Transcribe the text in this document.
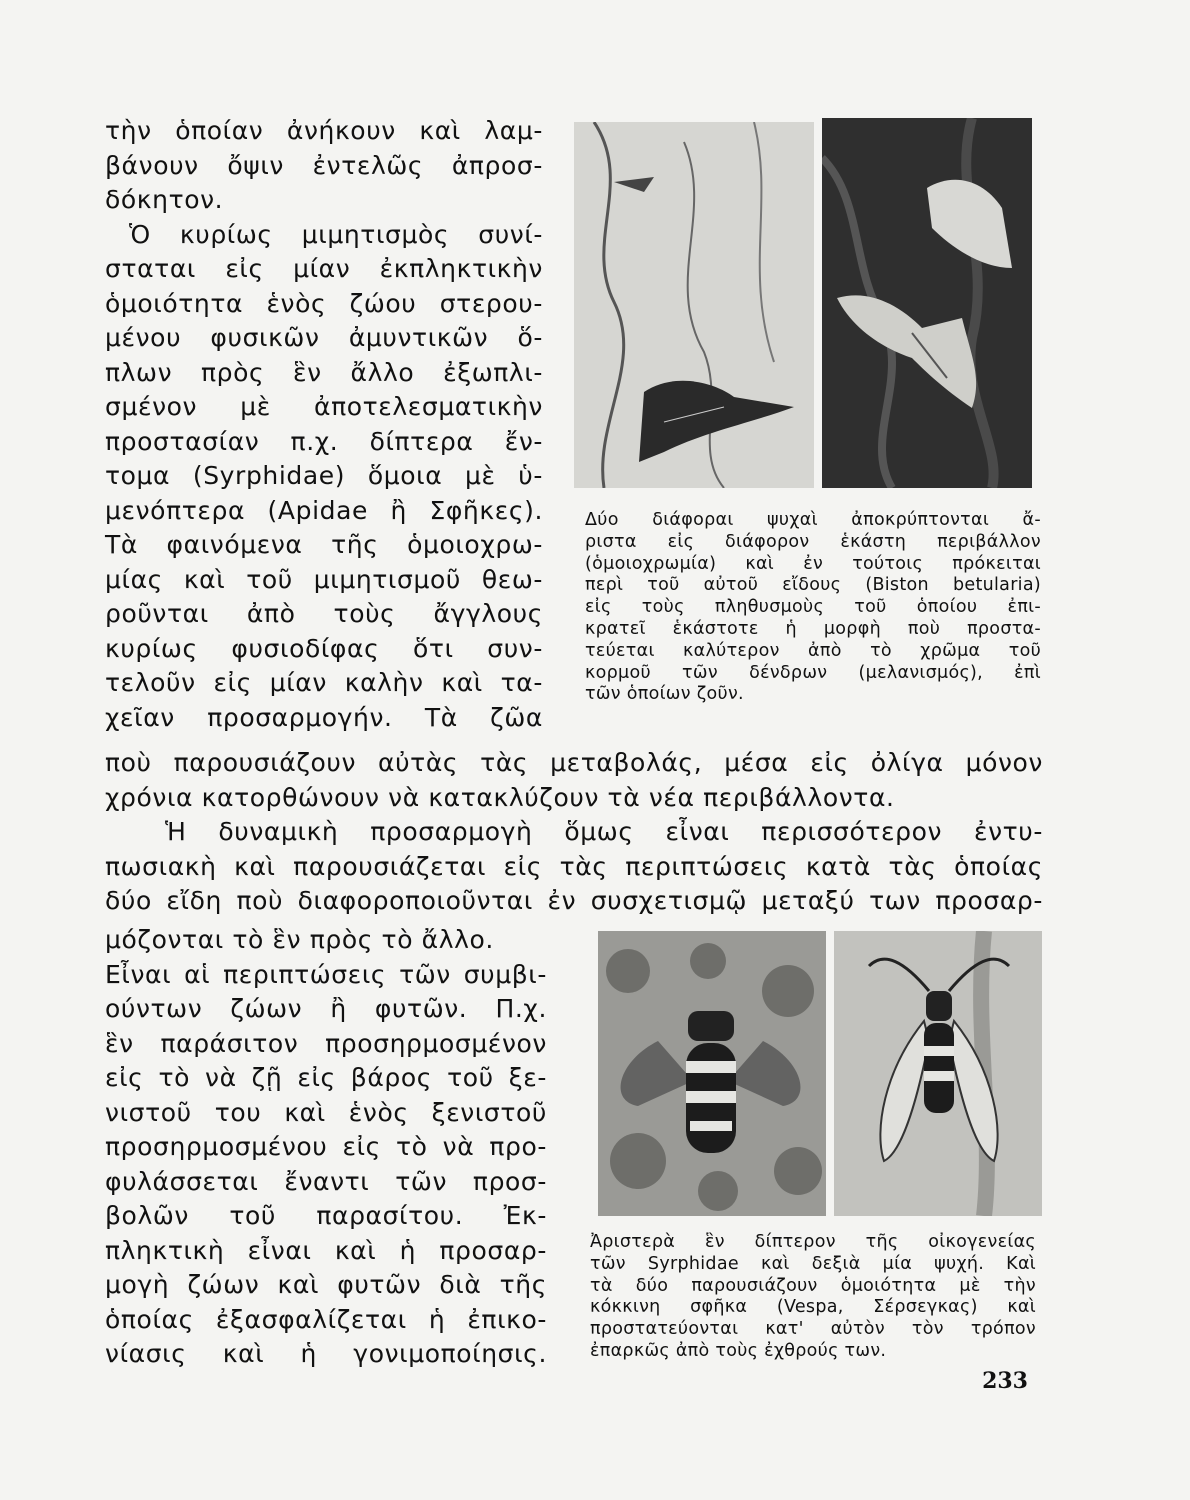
τὴν ὁποίαν ἀνήκουν καὶ λαμ-
βάνουν ὄψιν ἐντελῶς ἀπροσ-
δόκητον.
Ὁ κυρίως μιμητισμὸς συνί-
σταται εἰς μίαν ἐκπληκτικὴν
ὁμοιότητα ἑνὸς ζώου στερου-
μένου φυσικῶν ἀμυντικῶν ὅ-
πλων πρὸς ἓν ἄλλο ἐξωπλι-
σμένον μὲ ἀποτελεσματικὴν
προστασίαν π.χ. δίπτερα ἔν-
τομα (Syrphidae) ὅμοια μὲ ὑ-
μενόπτερα (Apidae ἢ Σφῆκες).
Τὰ φαινόμενα τῆς ὁμοιοχρω-
μίας καὶ τοῦ μιμητισμοῦ θεω-
ροῦνται ἀπὸ τοὺς ἄγγλους
κυρίως φυσιοδίφας ὅτι συν-
τελοῦν εἰς μίαν καλὴν καὶ τα-
χεῖαν προσαρμογήν. Τὰ ζῶα
Δύο διάφοραι ψυχαὶ ἀποκρύπτονται ἄ-
ριστα εἰς διάφορον ἑκάστη περιβάλλον
(ὁμοιοχρωμία) καὶ ἐν τούτοις πρόκειται
περὶ τοῦ αὐτοῦ εἴδους (Biston betularia)
εἰς τοὺς πληθυσμοὺς τοῦ ὁποίου ἐπι-
κρατεῖ ἑκάστοτε ἡ μορφὴ ποὺ προστα-
τεύεται καλύτερον ἀπὸ τὸ χρῶμα τοῦ
κορμοῦ τῶν δένδρων (μελανισμός), ἐπὶ
τῶν ὁποίων ζοῦν.
ποὺ παρουσιάζουν αὐτὰς τὰς μεταβολάς, μέσα εἰς ὀλίγα μόνον
χρόνια κατορθώνουν νὰ κατακλύζουν τὰ νέα περιβάλλοντα.
Ἡ δυναμικὴ προσαρμογὴ ὅμως εἶναι περισσότερον ἐντυ-
πωσιακὴ καὶ παρουσιάζεται εἰς τὰς περιπτώσεις κατὰ τὰς ὁποίας
δύο εἴδη ποὺ διαφοροποιοῦνται ἐν συσχετισμῷ μεταξύ των προσαρ-
μόζονται τὸ ἓν πρὸς τὸ ἄλλο.
Εἶναι αἱ περιπτώσεις τῶν συμβι-
ούντων ζώων ἢ φυτῶν. Π.χ.
ἓν παράσιτον προσηρμοσμένον
εἰς τὸ νὰ ζῇ εἰς βάρος τοῦ ξε-
νιστοῦ του καὶ ἑνὸς ξενιστοῦ
προσηρμοσμένου εἰς τὸ νὰ προ-
φυλάσσεται ἔναντι τῶν προσ-
βολῶν τοῦ παρασίτου. Ἐκ-
πληκτικὴ εἶναι καὶ ἡ προσαρ-
μογὴ ζώων καὶ φυτῶν διὰ τῆς
ὁποίας ἐξασφαλίζεται ἡ ἐπικο-
νίασις καὶ ἡ γονιμοποίησις.
Ἀριστερὰ ἓν δίπτερον τῆς οἰκογενείας
τῶν Syrphidae καὶ δεξιὰ μία ψυχή. Καὶ
τὰ δύο παρουσιάζουν ὁμοιότητα μὲ τὴν
κόκκινη σφῆκα (Vespa, Σέρσεγκας) καὶ
προστατεύονται κατ' αὐτὸν τὸν τρόπον
ἐπαρκῶς ἀπὸ τοὺς ἐχθρούς των.
233
